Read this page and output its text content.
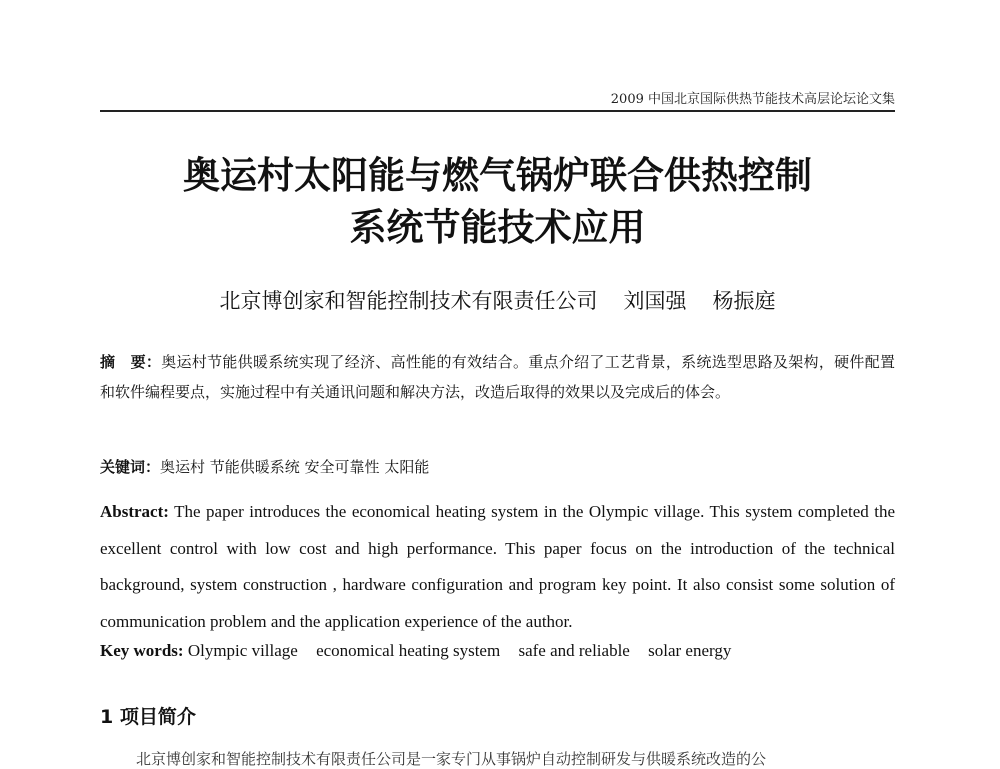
2009 中国北京国际供热节能技术高层论坛论文集
奥运村太阳能与燃气锅炉联合供热控制
系统节能技术应用
北京博创家和智能控制技术有限责任公司 刘国强 杨振庭
摘　要：奥运村节能供暖系统实现了经济、高性能的有效结合。重点介绍了工艺背景，系统选型思路及架构，硬件配置和软件编程要点，实施过程中有关通讯问题和解决方法，改造后取得的效果以及完成后的体会。
关键词：奥运村 节能供暖系统 安全可靠性 太阳能
Abstract: The paper introduces the economical heating system in the Olympic village. This system completed the excellent control with low cost and high performance. This paper focus on the introduction of the technical background, system construction , hardware configuration and program key point. It also consist some solution of communication problem and the application experience of the author.
Key words: Olympic village economical heating system safe and reliable solar energy
1 项目简介
北京博创家和智能控制技术有限责任公司是一家专门从事锅炉自动控制研发与供暖系统改造的公
